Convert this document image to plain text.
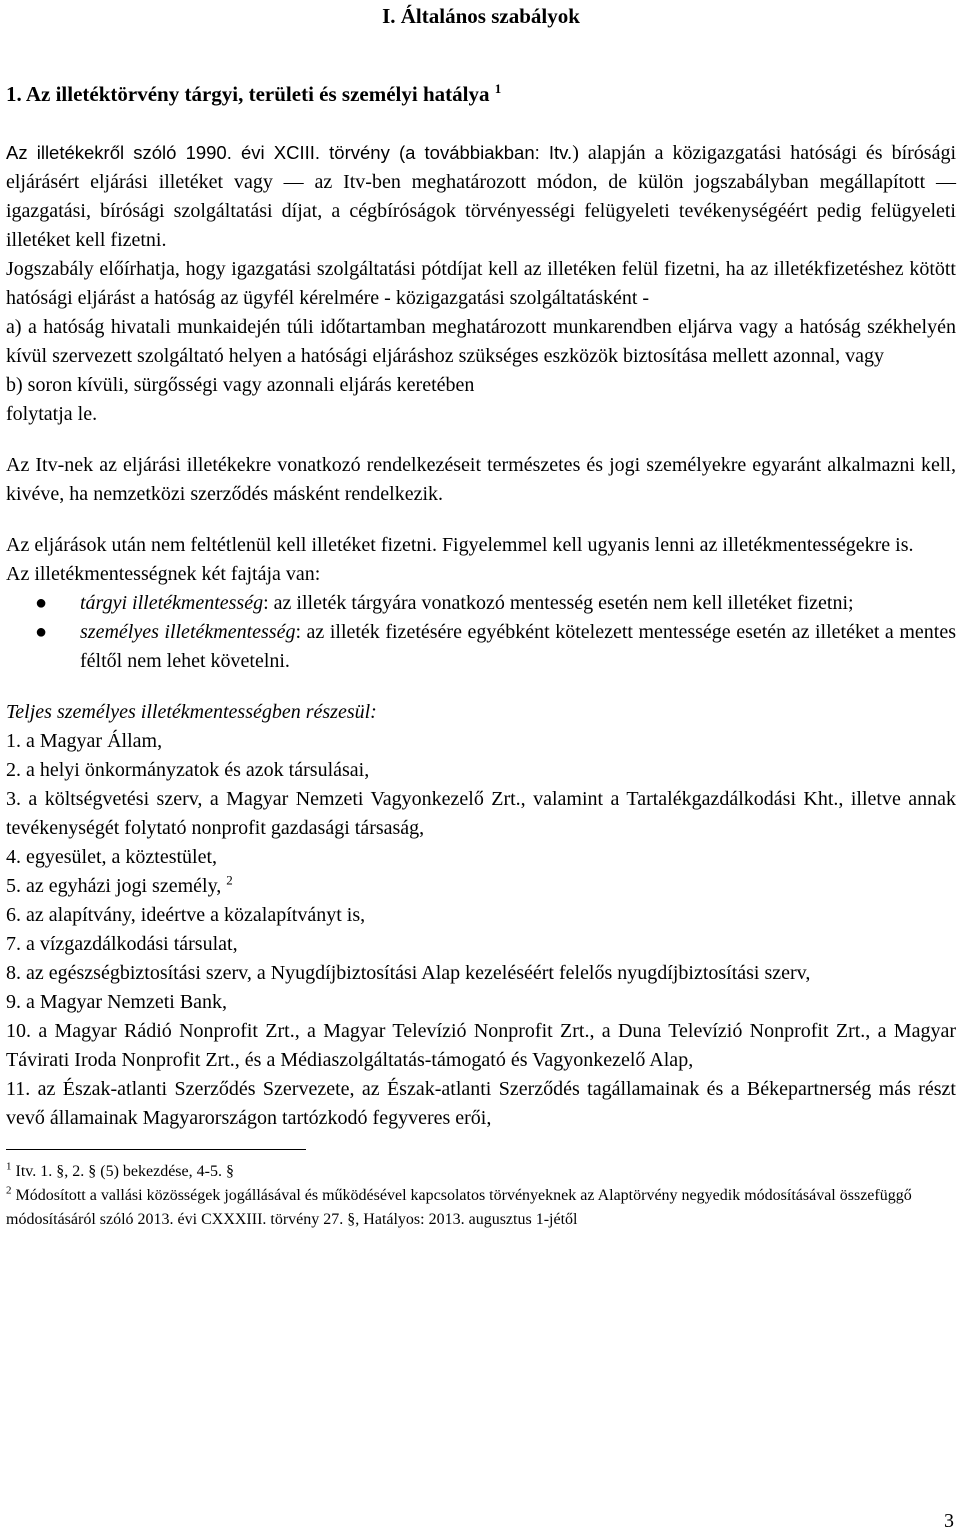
I. Általános szabályok

1. Az illetéktörvény tárgyi, területi és személyi hatálya $^1$

Az illetékekről szóló 1990. évi XCIII. törvény (a továbbiakban: Itv.) alapján a közigazgatási hatósági és bírósági eljárásért eljárási illetéket vagy ― az Itv-ben meghatározott módon, de külön jogszabályban megállapított ― igazgatási, bírósági szolgáltatási díjat, a cégbíróságok törvényességi felügyeleti tevékenységéért pedig felügyeleti illetéket kell fizetni.

Jogszabály előírhatja, hogy igazgatási szolgáltatási pótdíjat kell az illetéken felül fizetni, ha az illetékfizetéshez kötött hatósági eljárást a hatóság az ügyfél kérelmére - közigazgatási szolgáltatásként -

a) a hatóság hivatali munkaidején túli időtartamban meghatározott munkarendben eljárva vagy a hatóság székhelyén kívül szervezett szolgáltató helyen a hatósági eljáráshoz szükséges eszközök biztosítása mellett azonnal, vagy

b) soron kívüli, sürgősségi vagy azonnali eljárás keretében

folytatja le.

Az Itv-nek az eljárási illetékekre vonatkozó rendelkezéseit természetes és jogi személyekre egyaránt alkalmazni kell, kivéve, ha nemzetközi szerződés másként rendelkezik.

Az eljárások után nem feltétlenül kell illetéket fizetni. Figyelemmel kell ugyanis lenni az illetékmentességekre is.

Az illetékmentességnek két fajtája van:

● tárgyi illetékmentesség: az illeték tárgyára vonatkozó mentesség esetén nem kell illetéket fizetni;
● személyes illetékmentesség: az illeték fizetésére egyébként kötelezett mentessége esetén az illetéket a mentes féltől nem lehet követelni.

Teljes személyes illetékmentességben részesül:

1. a Magyar Állam,

2. a helyi önkormányzatok és azok társulásai,

3. a költségvetési szerv, a Magyar Nemzeti Vagyonkezelő Zrt., valamint a Tartalékgazdálkodási Kht., illetve annak tevékenységét folytató nonprofit gazdasági társaság,

4. egyesület, a köztestület,

5. az egyházi jogi személy, $^2$

6. az alapítvány, ideértve a közalapítványt is,

7. a vízgazdálkodási társulat,

8. az egészségbiztosítási szerv, a Nyugdíjbiztosítási Alap kezeléséért felelős nyugdíjbiztosítási szerv,

9. a Magyar Nemzeti Bank,

10. a Magyar Rádió Nonprofit Zrt., a Magyar Televízió Nonprofit Zrt., a Duna Televízió Nonprofit Zrt., a Magyar Távirati Iroda Nonprofit Zrt., és a Médiaszolgáltatás-támogató és Vagyonkezelő Alap,

11. az Észak-atlanti Szerződés Szervezete, az Észak-atlanti Szerződés tagállamainak és a Békepartnerség más részt vevő államainak Magyarországon tartózkodó fegyveres erői,

$^1$ Itv. 1. §, 2. § (5) bekezdése, 4-5. §

$^2$ Módosított a vallási közösségek jogállásával és működésével kapcsolatos törvényeknek az Alaptörvény negyedik módosításával összefüggő módosításáról szóló 2013. évi CXXXIII. törvény 27. §, Hatályos: 2013. augusztus 1-jétől

3
